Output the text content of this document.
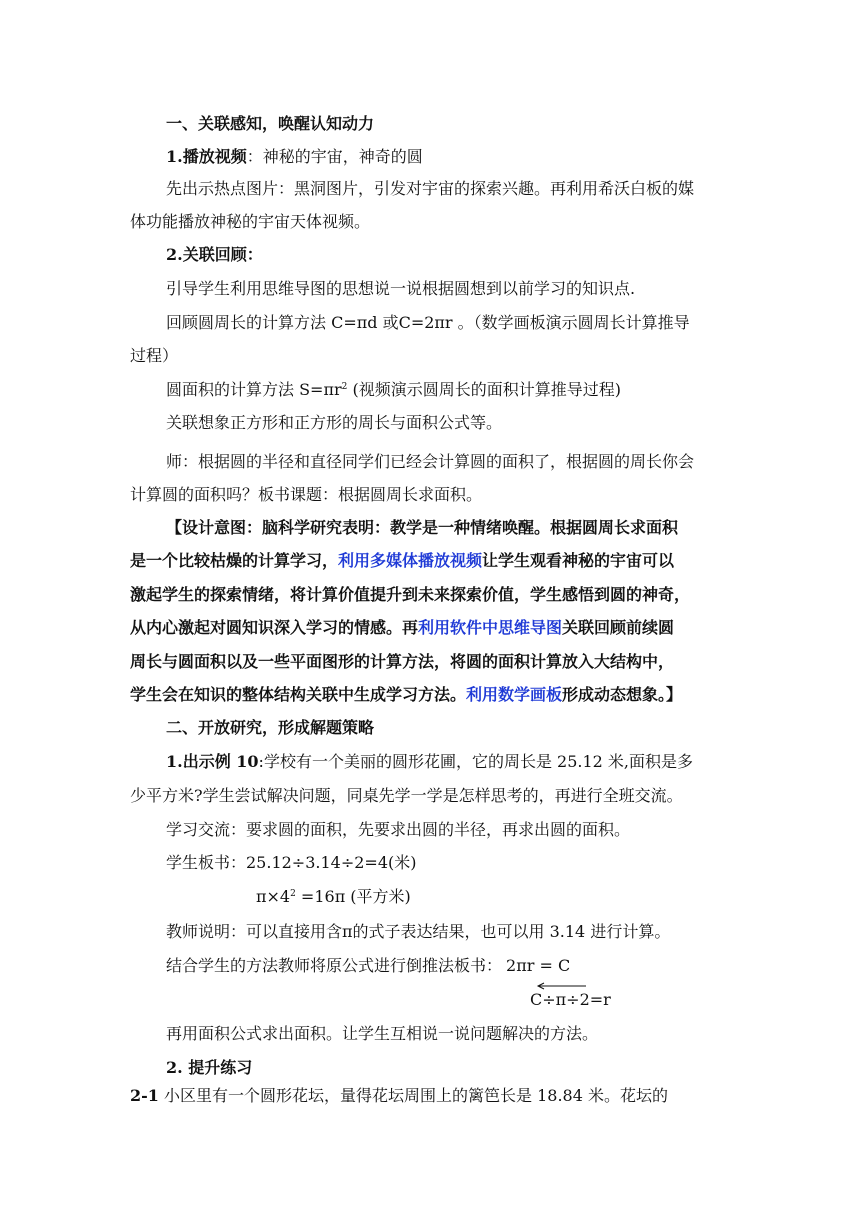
一、关联感知，唤醒认知动力
1.播放视频：神秘的宇宙，神奇的圆
先出示热点图片：黑洞图片，引发对宇宙的探索兴趣。再利用希沃白板的媒
体功能播放神秘的宇宙天体视频。
2.关联回顾：
引导学生利用思维导图的思想说一说根据圆想到以前学习的知识点.
回顾圆周长的计算方法 C=πd 或C=2πr 。（数学画板演示圆周长计算推导
过程）
圆面积的计算方法 $S=\pi r^2$ (视频演示圆周长的面积计算推导过程)
关联想象正方形和正方形的周长与面积公式等。
师：根据圆的半径和直径同学们已经会计算圆的面积了，根据圆的周长你会
计算圆的面积吗？板书课题：根据圆周长求面积。
【设计意图：脑科学研究表明：教学是一种情绪唤醒。根据圆周长求面积
是一个比较枯燥的计算学习，利用多媒体播放视频让学生观看神秘的宇宙可以
激起学生的探索情绪，将计算价值提升到未来探索价值，学生感悟到圆的神奇，
从内心激起对圆知识深入学习的情感。再利用软件中思维导图关联回顾前续圆
周长与圆面积以及一些平面图形的计算方法，将圆的面积计算放入大结构中，
学生会在知识的整体结构关联中生成学习方法。利用数学画板形成动态想象。】
二、开放研究，形成解题策略
1.出示例 10:学校有一个美丽的圆形花圃，它的周长是 25.12 米,面积是多
少平方米?学生尝试解决问题，同桌先学一学是怎样思考的，再进行全班交流。
学习交流：要求圆的面积，先要求出圆的半径，再求出圆的面积。
学生板书：25.12÷3.14÷2=4(米)
$\pi\times 4^2 =16\pi$ (平方米)
教师说明：可以直接用含π的式子表达结果，也可以用 3.14 进行计算。
结合学生的方法教师将原公式进行倒推法板书： 2πr = C
C÷π÷2=r
再用面积公式求出面积。让学生互相说一说问题解决的方法。
2. 提升练习
2-1 小区里有一个圆形花坛，量得花坛周围上的篱笆长是 18.84 米。花坛的
